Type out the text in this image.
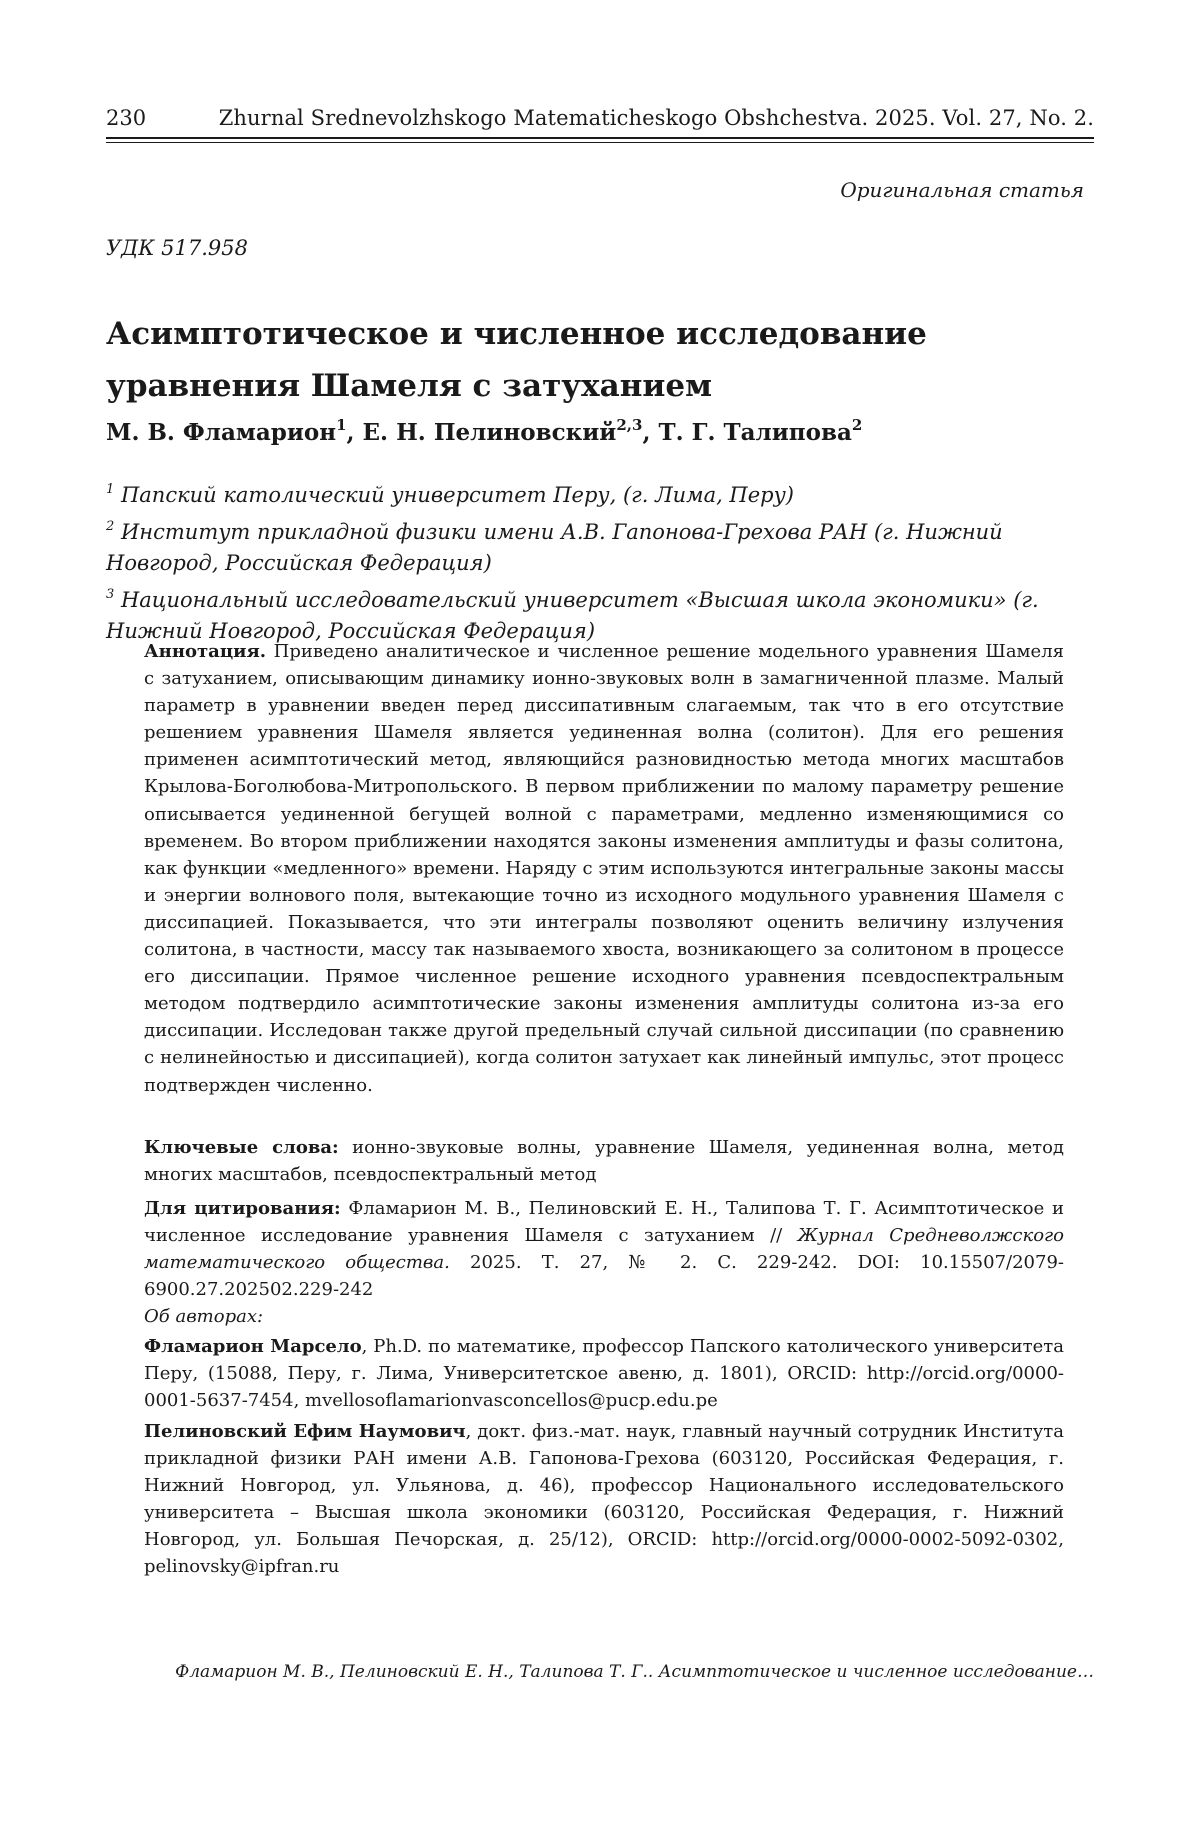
230	Zhurnal Srednevolzhskogo Matematicheskogo Obshchestva. 2025. Vol. 27, No. 2.
Оригинальная статья
УДК 517.958
Асимптотическое и численное исследование
уравнения Шамеля с затуханием
М. В. Фламарион$^1$, Е. Н. Пелиновский$^{2,3}$, Т. Г. Талипова$^2$
$^1$ Папский католический университет Перу, (г. Лима, Перу)
$^2$ Институт прикладной физики имени А.В. Гапонова-Грехова РАН (г. Нижний Новгород, Российская Федерация)
$^3$ Национальный исследовательский университет «Высшая школа экономики» (г. Нижний Новгород, Российская Федерация)
Аннотация. Приведено аналитическое и численное решение модельного уравнения Шамеля с затуханием, описывающим динамику ионно-звуковых волн в замагниченной плазме. Малый параметр в уравнении введен перед диссипативным слагаемым, так что в его отсутствие решением уравнения Шамеля является уединенная волна (солитон). Для его решения применен асимптотический метод, являющийся разновидностью метода многих масштабов Крылова-Боголюбова-Митропольского. В первом приближении по малому параметру решение описывается уединенной бегущей волной с параметрами, медленно изменяющимися со временем. Во втором приближении находятся законы изменения амплитуды и фазы солитона, как функции «медленного» времени. Наряду с этим используются интегральные законы массы и энергии волнового поля, вытекающие точно из исходного модульного уравнения Шамеля с диссипацией. Показывается, что эти интегралы позволяют оценить величину излучения солитона, в частности, массу так называемого хвоста, возникающего за солитоном в процессе его диссипации. Прямое численное решение исходного уравнения псевдоспектральным методом подтвердило асимптотические законы изменения амплитуды солитона из-за его диссипации. Исследован также другой предельный случай сильной диссипации (по сравнению с нелинейностью и диссипацией), когда солитон затухает как линейный импульс, этот процесс подтвержден численно.
Ключевые слова: ионно-звуковые волны, уравнение Шамеля, уединенная волна, метод многих масштабов, псевдоспектральный метод
Для цитирования: Фламарион М. В., Пелиновский Е. Н., Талипова Т. Г. Асимптотическое и численное исследование уравнения Шамеля с затуханием // Журнал Средневолжского математического общества. 2025. Т. 27, № 2. С. 229-242. DOI: 10.15507/2079-6900.27.202502.229-242
Об авторах:
Фламарион Марсело, Ph.D. по математике, профессор Папского католического университета Перу, (15088, Перу, г. Лима, Университетское авеню, д. 1801), ORCID: http://orcid.org/0000-0001-5637-7454, mvellosoflamarionvasconcellos@pucp.edu.pe
Пелиновский Ефим Наумович, докт. физ.-мат. наук, главный научный сотрудник Института прикладной физики РАН имени А.В. Гапонова-Грехова (603120, Российская Федерация, г. Нижний Новгород, ул. Ульянова, д. 46), профессор Национального исследовательского университета – Высшая школа экономики (603120, Российская Федерация, г. Нижний Новгород, ул. Большая Печорская, д. 25/12), ORCID: http://orcid.org/0000-0002-5092-0302, pelinovsky@ipfran.ru
Фламарион М. В., Пелиновский Е. Н., Талипова Т. Г.. Асимптотическое и численное исследование…
